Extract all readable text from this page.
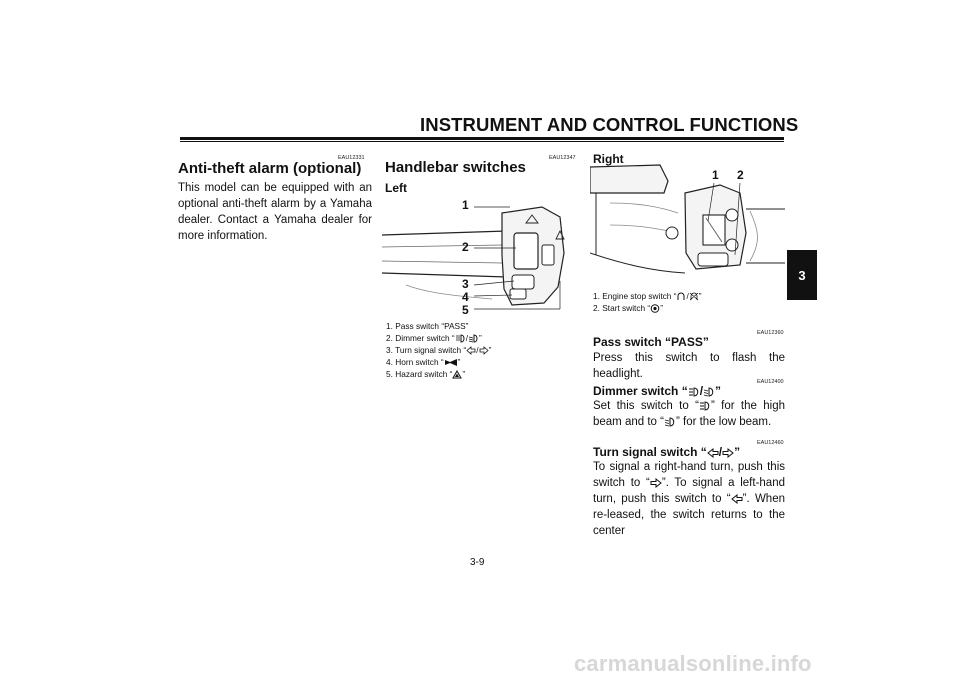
INSTRUMENT AND CONTROL FUNCTIONS
3
EAU12331
Anti-theft alarm (optional)
This model can be equipped with an optional anti-theft alarm by a Yamaha dealer. Contact a Yamaha dealer for more information.
EAU12347
Handlebar switches
Left
1
2
3
4
5
1. Pass switch “PASS”
2. Dimmer switch “ / ”
3. Turn signal switch “ / ”
4. Horn switch “ ”
5. Hazard switch “ ”
Right
1 2
1. Engine stop switch “ / ”
2. Start switch “ ”
EAU12360
Pass switch “PASS”
Press this switch to flash the headlight.
EAU12400
Dimmer switch “ / ”
Set this switch to “ ” for the high beam and to “ ” for the low beam.
EAU12460
Turn signal switch “ / ”
To signal a right-hand turn, push this switch to “ ”. To signal a left-hand turn, push this switch to “ ”. When re-leased, the switch returns to the center
3-9
carmanualsonline.info
